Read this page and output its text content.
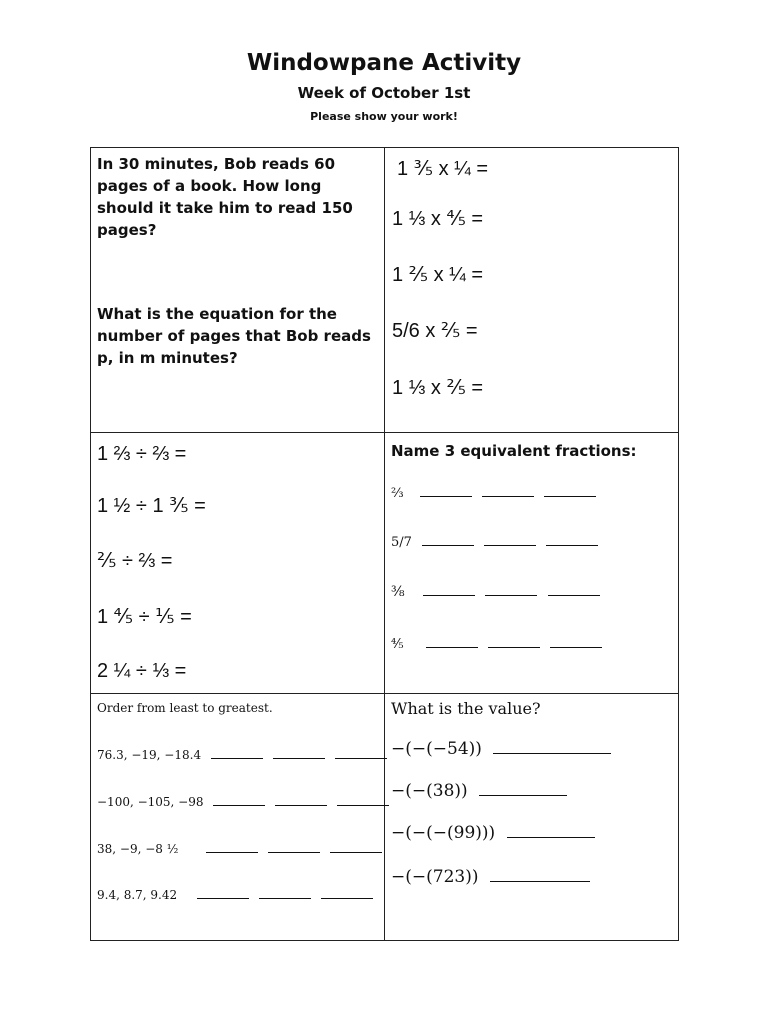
Windowpane Activity
Week of October 1st
Please show your work!
In 30 minutes, Bob reads 60 pages of a book. How long should it take him to read 150 pages?
What is the equation for the number of pages that Bob reads p, in m minutes?
1 ⅗ x ¼ =
1 ⅓ x ⅘ =
1 ⅖ x ¼ =
5/6 x ⅖ =
1 ⅓ x ⅖ =
1 ⅔ ÷ ⅔ =
1 ½ ÷ 1 ⅗ =
⅖ ÷ ⅔ =
1 ⅘ ÷ ⅕ =
2 ¼ ÷ ⅓ =
Name 3 equivalent fractions:
⅔
5/7
⅜
⅘
Order from least to greatest.
76.3, −19, −18.4
−100, −105, −98
38, −9, −8 ½
9.4, 8.7, 9.42
What is the value?
−(−(−54))
−(−(38))
−(−(−(99)))
−(−(723))
